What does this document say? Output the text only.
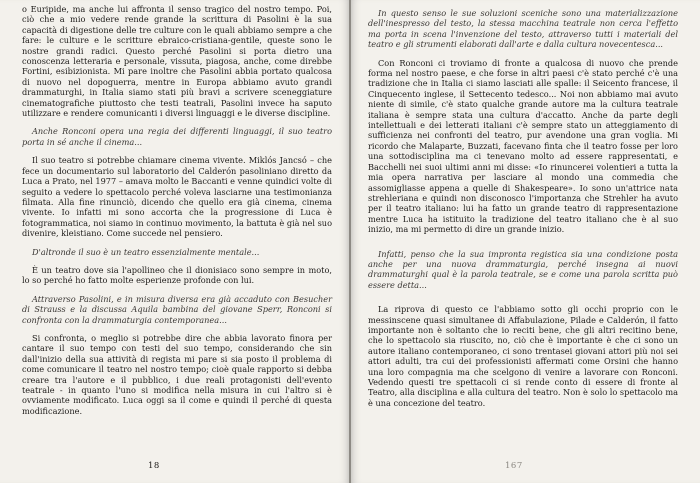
o Euripide, ma anche lui affronta il senso tragico del nostro tempo. Poi, ciò che a mio vedere rende grande la scrittura di Pasolini è la sua capacità di digestione delle tre culture con le quali abbiamo sempre a che fare: le culture e le scritture ebraico-cristiana-gentile, queste sono le nostre grandi radici. Questo perché Pasolini si porta dietro una conoscenza letteraria e personale, vissuta, piagosa, anche, come direbbe Fortini, esibizionista. Mi pare inoltre che Pasolini abbia portato qualcosa di nuovo nel dopoguerra, mentre in Europa abbiamo avuto grandi drammaturghi, in Italia siamo stati più bravi a scrivere sceneggiature cinematografiche piuttosto che testi teatrali, Pasolini invece ha saputo utilizzare e rendere comunicanti i diversi linguaggi e le diverse discipline.

Anche Ronconi opera una regia dei differenti linguaggi, il suo teatro porta in sé anche il cinema...

Il suo teatro si potrebbe chiamare cinema vivente. Miklós Jancsó – che fece un documentario sul laboratorio del Calderón pasoliniano diretto da Luca a Prato, nel 1977 – amava molto le Baccanti e venne quindici volte di seguito a vedere lo spettacolo perché voleva lasciarne una testimonianza filmata. Alla fine rinunciò, dicendo che quello era già cinema, cinema vivente. Io infatti mi sono accorta che la progressione di Luca è fotogrammatica, noi siamo in continuo movimento, la battuta è già nel suo divenire, kleistiano. Come succede nel pensiero.

D'altronde il suo è un teatro essenzialmente mentale...

È un teatro dove sia l'apollineo che il dionisiaco sono sempre in moto, lo so perché ho fatto molte esperienze profonde con lui.

Attraverso Pasolini, e in misura diversa era già accaduto con Besucher di Strauss e la discussa Aquila bambina del giovane Sperr, Ronconi si confronta con la drammaturgia contemporanea...

Si confronta, o meglio si potrebbe dire che abbia lavorato finora per cantare il suo tempo con testi del suo tempo, considerando che sin dall'inizio della sua attività di regista mi pare si sia posto il problema di come comunicare il teatro nel nostro tempo; cioè quale rapporto si debba creare tra l'autore e il pubblico, i due reali protagonisti dell'evento teatrale - in quanto l'uno si modifica nella misura in cui l'altro si è ovviamente modificato. Luca oggi sa il come e quindi il perché di questa modificazione.

18

In questo senso le sue soluzioni sceniche sono una materializzazione dell'inespresso del testo, la stessa macchina teatrale non cerca l'effetto ma porta in scena l'invenzione del testo, attraverso tutti i materiali del teatro e gli strumenti elaborati dall'arte e dalla cultura novecentesca...

Con Ronconi ci troviamo di fronte a qualcosa di nuovo che prende forma nel nostro paese, e che forse in altri paesi c'è stato perché c'è una tradizione che in Italia ci siamo lasciati alle spalle: il Seicento francese, il Cinquecento inglese, il Settecento tedesco... Noi non abbiamo mai avuto niente di simile, c'è stato qualche grande autore ma la cultura teatrale italiana è sempre stata una cultura d'accatto. Anche da parte degli intellettuali e dei letterati italiani c'è sempre stato un atteggiamento di sufficienza nei confronti del teatro, pur avendone una gran voglia. Mi ricordo che Malaparte, Buzzati, facevano finta che il teatro fosse per loro una sottodisciplina ma ci tenevano molto ad essere rappresentati, e Bacchelli nei suoi ultimi anni mi disse: «Io rinuncerei volentieri a tutta la mia opera narrativa per lasciare al mondo una commedia che assomigliasse appena a quelle di Shakespeare». Io sono un'attrice nata strehleriana e quindi non disconosco l'importanza che Strehler ha avuto per il teatro italiano: lui ha fatto un grande teatro di rappresentazione mentre Luca ha istituito la tradizione del teatro italiano che è al suo inizio, ma mi permetto di dire un grande inizio.

Infatti, penso che la sua impronta registica sia una condizione posta anche per una nuova drammaturgia, perché insegna ai nuovi drammaturghi qual è la parola teatrale, se e come una parola scritta può essere detta...

La riprova di questo ce l'abbiamo sotto gli occhi proprio con le messinscene quasi simultanee di Affabulazione, Pilade e Calderón, il fatto importante non è soltanto che io reciti bene, che gli altri recitino bene, che lo spettacolo sia riuscito, no, ciò che è importante è che ci sono un autore italiano contemporaneo, ci sono trentasei giovani attori più noi sei attori adulti, tra cui dei professionisti affermati come Orsini che hanno una loro compagnia ma che scelgono di venire a lavorare con Ronconi. Vedendo questi tre spettacoli ci si rende conto di essere di fronte al Teatro, alla disciplina e alla cultura del teatro. Non è solo lo spettacolo ma è una concezione del teatro.

167
